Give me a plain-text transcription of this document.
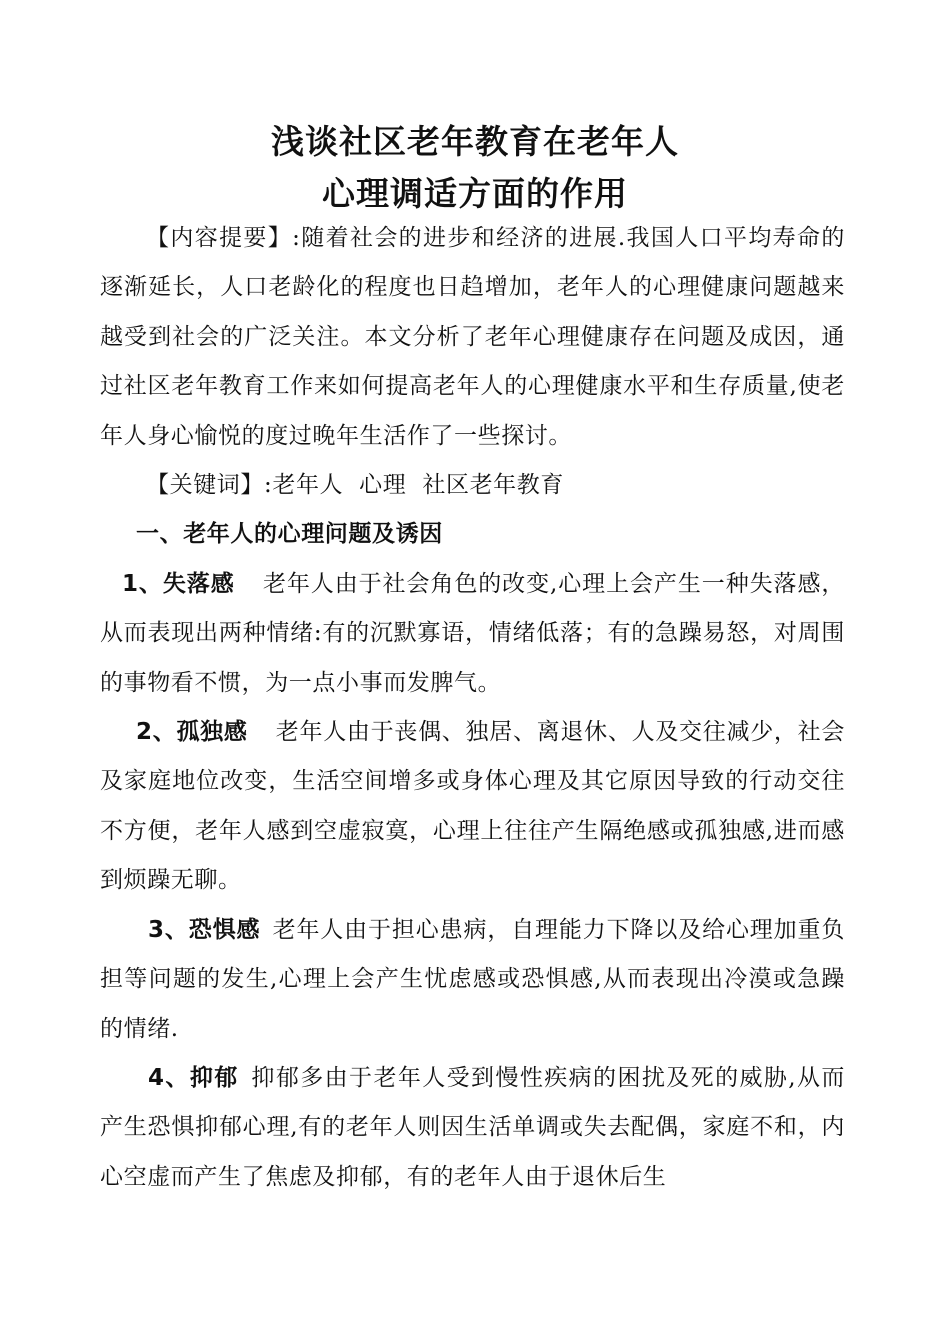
浅谈社区老年教育在老年人
心理调适方面的作用

【内容提要】:随着社会的进步和经济的进展.我国人口平均寿命的逐渐延长，人口老龄化的程度也日趋增加，老年人的心理健康问题越来越受到社会的广泛关注。本文分析了老年心理健康存在问题及成因，通过社区老年教育工作来如何提高老年人的心理健康水平和生存质量,使老年人身心愉悦的度过晚年生活作了一些探讨。

【关键词】:老年人 心理 社区老年教育

一、老年人的心理问题及诱因

1、失落感 老年人由于社会角色的改变,心理上会产生一种失落感，从而表现出两种情绪:有的沉默寡语，情绪低落；有的急躁易怒，对周围的事物看不惯，为一点小事而发脾气。

2、孤独感 老年人由于丧偶、独居、离退休、人及交往减少，社会及家庭地位改变，生活空间增多或身体心理及其它原因导致的行动交往不方便，老年人感到空虚寂寞，心理上往往产生隔绝感或孤独感,进而感到烦躁无聊。

3、恐惧感 老年人由于担心患病，自理能力下降以及给心理加重负担等问题的发生,心理上会产生忧虑感或恐惧感,从而表现出冷漠或急躁的情绪.

4、抑郁 抑郁多由于老年人受到慢性疾病的困扰及死的威胁,从而产生恐惧抑郁心理,有的老年人则因生活单调或失去配偶，家庭不和，内心空虚而产生了焦虑及抑郁，有的老年人由于退休后生
